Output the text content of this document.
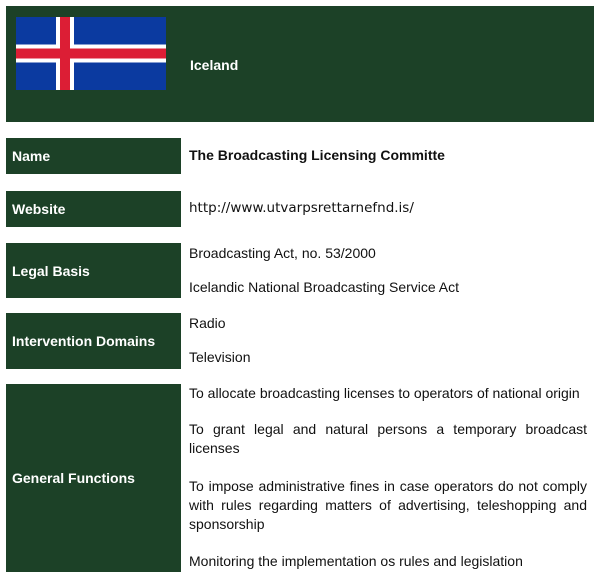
Iceland
Name	The Broadcasting Licensing Committe
Website	http://www.utvarpsrettarnefnd.is/
Legal Basis
Broadcasting Act, no. 53/2000
Icelandic National Broadcasting Service Act
Intervention Domains
Radio
Television
General Functions
To allocate broadcasting licenses to operators of national origin
To grant legal and natural persons a temporary broadcast licenses
To impose administrative fines in case operators do not comply with rules regarding matters of advertising, teleshopping and sponsorship
Monitoring the implementation os rules and legislation
